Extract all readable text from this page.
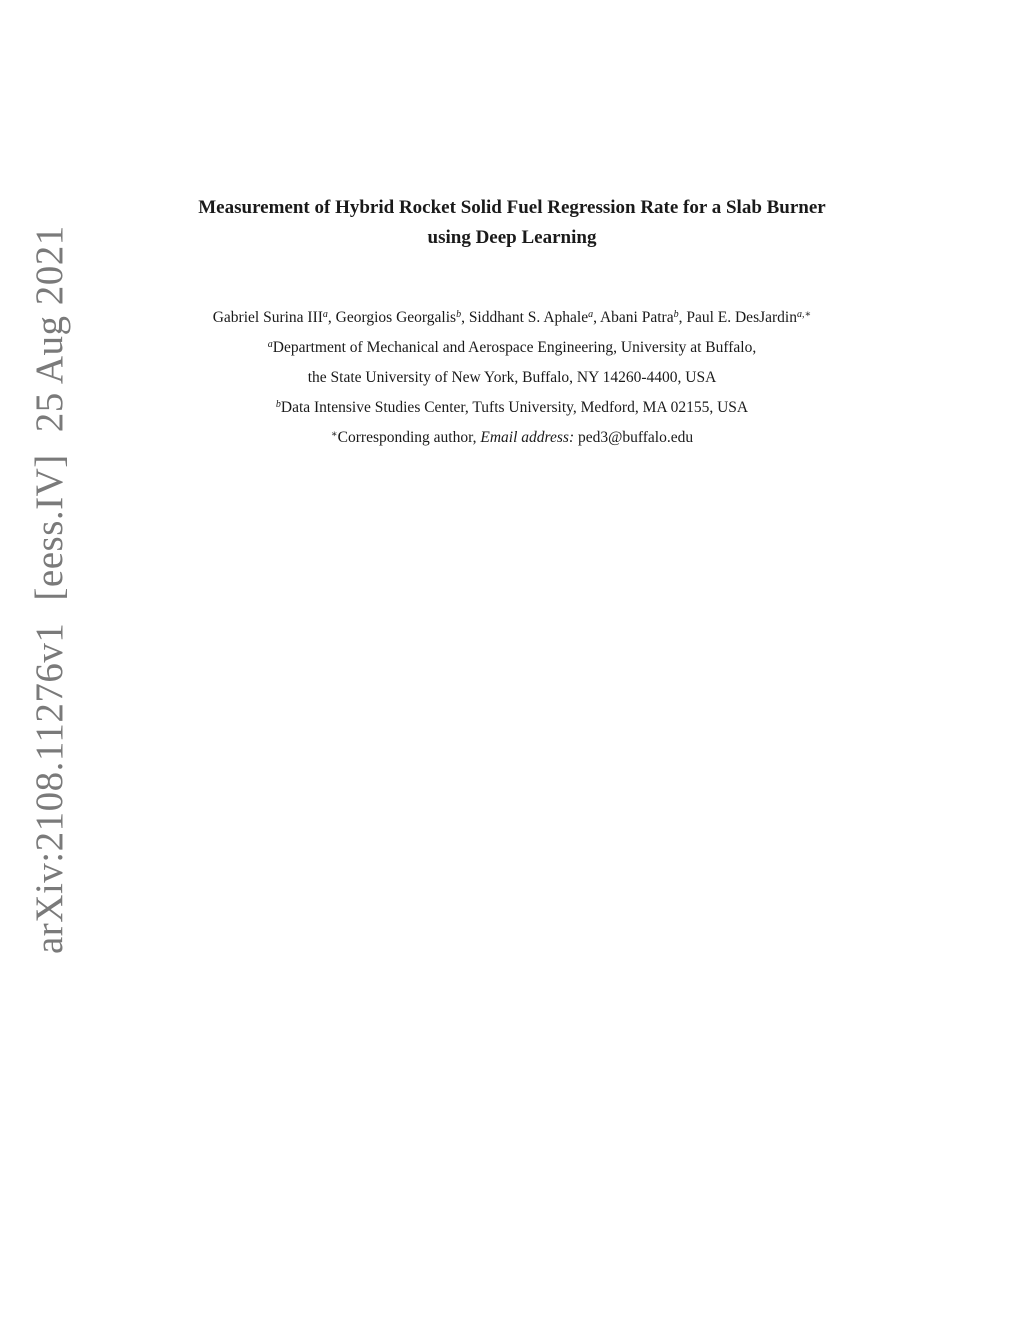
arXiv:2108.11276v1[eess.IV]25 Aug 2021
Measurement of Hybrid Rocket Solid Fuel Regression Rate for a Slab Burner
using Deep Learning
Gabriel Surina III$^a$, Georgios Georgalis$^b$, Siddhant S. Aphale$^a$, Abani Patra$^b$, Paul E. DesJardin$^{a,∗}$
$^a$Department of Mechanical and Aerospace Engineering, University at Buffalo,
the State University of New York, Buffalo, NY 14260-4400, USA
$^b$Data Intensive Studies Center, Tufts University, Medford, MA 02155, USA
∗Corresponding author, Email address: ped3@buffalo.edu
